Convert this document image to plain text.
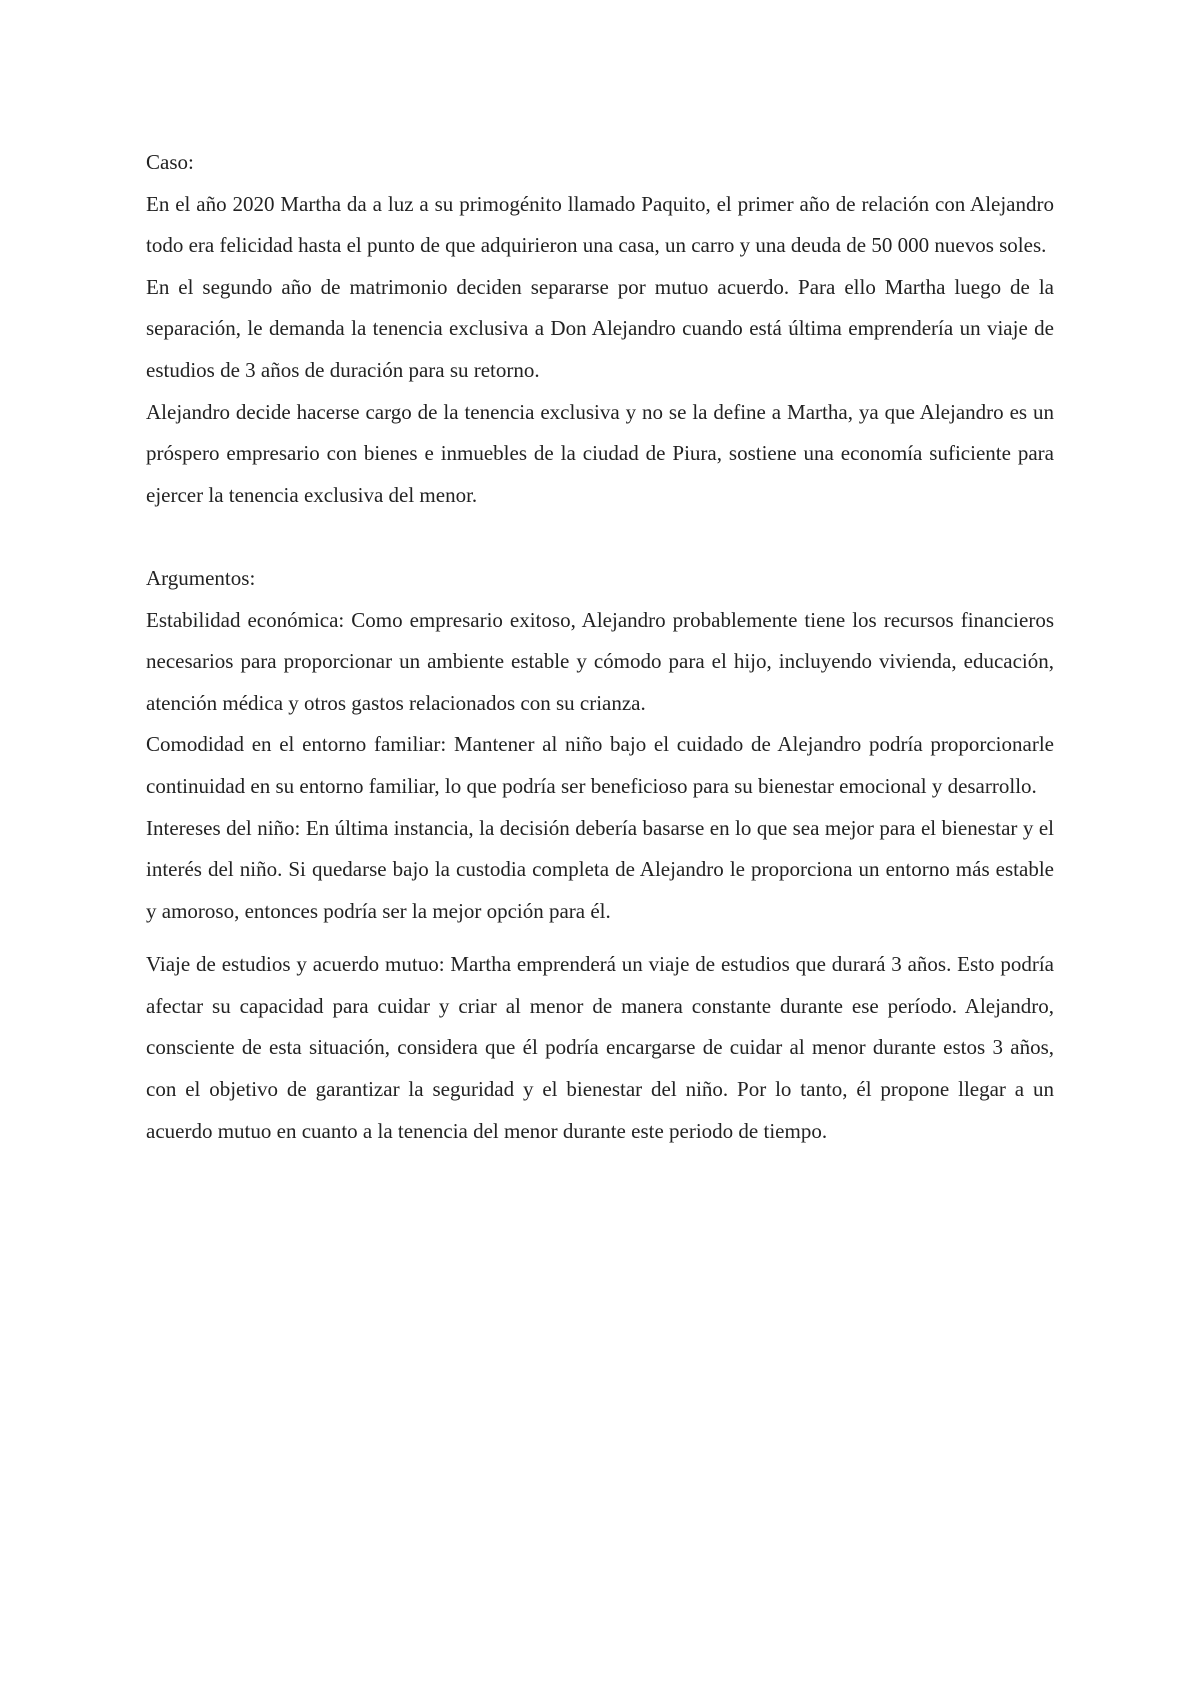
Caso:

En el año 2020 Martha da a luz a su primogénito llamado Paquito, el primer año de relación con Alejandro todo era felicidad hasta el punto de que adquirieron una casa, un carro y una deuda de 50 000 nuevos soles.

En el segundo año de matrimonio deciden separarse por mutuo acuerdo. Para ello Martha luego de la separación, le demanda la tenencia exclusiva a Don Alejandro cuando está última emprendería un viaje de estudios de 3 años de duración para su retorno.

Alejandro decide hacerse cargo de la tenencia exclusiva y no se la define a Martha, ya que Alejandro es un próspero empresario con bienes e inmuebles de la ciudad de Piura, sostiene una economía suficiente para ejercer la tenencia exclusiva del menor.

Argumentos:

Estabilidad económica: Como empresario exitoso, Alejandro probablemente tiene los recursos financieros necesarios para proporcionar un ambiente estable y cómodo para el hijo, incluyendo vivienda, educación, atención médica y otros gastos relacionados con su crianza.

Comodidad en el entorno familiar: Mantener al niño bajo el cuidado de Alejandro podría proporcionarle continuidad en su entorno familiar, lo que podría ser beneficioso para su bienestar emocional y desarrollo.

Intereses del niño: En última instancia, la decisión debería basarse en lo que sea mejor para el bienestar y el interés del niño. Si quedarse bajo la custodia completa de Alejandro le proporciona un entorno más estable y amoroso, entonces podría ser la mejor opción para él.

Viaje de estudios y acuerdo mutuo: Martha emprenderá un viaje de estudios que durará 3 años. Esto podría afectar su capacidad para cuidar y criar al menor de manera constante durante ese período. Alejandro, consciente de esta situación, considera que él podría encargarse de cuidar al menor durante estos 3 años, con el objetivo de garantizar la seguridad y el bienestar del niño. Por lo tanto, él propone llegar a un acuerdo mutuo en cuanto a la tenencia del menor durante este periodo de tiempo.
